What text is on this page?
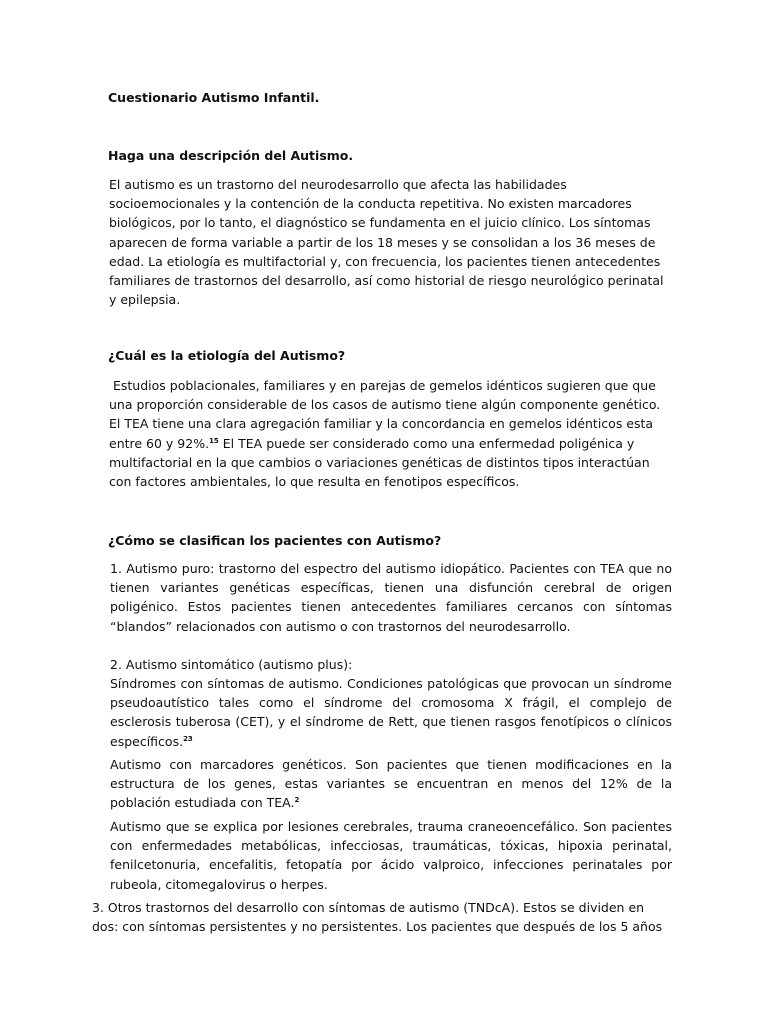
Cuestionario Autismo Infantil.

Haga una descripción del Autismo.

El autismo es un trastorno del neurodesarrollo que afecta las habilidades socioemocionales y la contención de la conducta repetitiva. No existen marcadores biológicos, por lo tanto, el diagnóstico se fundamenta en el juicio clínico. Los síntomas aparecen de forma variable a partir de los 18 meses y se consolidan a los 36 meses de edad. La etiología es multifactorial y, con frecuencia, los pacientes tienen antecedentes familiares de trastornos del desarrollo, así como historial de riesgo neurológico perinatal y epilepsia.

¿Cuál es la etiología del Autismo?

Estudios poblacionales, familiares y en parejas de gemelos idénticos sugieren que que una proporción considerable de los casos de autismo tiene algún componente genético. El TEA tiene una clara agregación familiar y la concordancia en gemelos idénticos esta entre 60 y 92%.$^{15}$ El TEA puede ser considerado como una enfermedad poligénica y multifactorial en la que cambios o variaciones genéticas de distintos tipos interactúan con factores ambientales, lo que resulta en fenotipos específicos.

¿Cómo se clasifican los pacientes con Autismo?

1. Autismo puro: trastorno del espectro del autismo idiopático. Pacientes con TEA que no tienen variantes genéticas específicas, tienen una disfunción cerebral de origen poligénico. Estos pacientes tienen antecedentes familiares cercanos con síntomas “blandos” relacionados con autismo o con trastornos del neurodesarrollo.

2. Autismo sintomático (autismo plus):

Síndromes con síntomas de autismo. Condiciones patológicas que provocan un síndrome pseudoautístico tales como el síndrome del cromosoma X frágil, el complejo de esclerosis tuberosa (CET), y el síndrome de Rett, que tienen rasgos fenotípicos o clínicos específicos.$^{23}$

Autismo con marcadores genéticos. Son pacientes que tienen modificaciones en la estructura de los genes, estas variantes se encuentran en menos del 12% de la población estudiada con TEA.$^2$

Autismo que se explica por lesiones cerebrales, trauma craneoencefálico. Son pacientes con enfermedades metabólicas, infecciosas, traumáticas, tóxicas, hipoxia perinatal, fenilcetonuria, encefalitis, fetopatía por ácido valproico, infecciones perinatales por rubeola, citomegalovirus o herpes.

3. Otros trastornos del desarrollo con síntomas de autismo (TNDcA). Estos se dividen en dos: con síntomas persistentes y no persistentes. Los pacientes que después de los 5 años
